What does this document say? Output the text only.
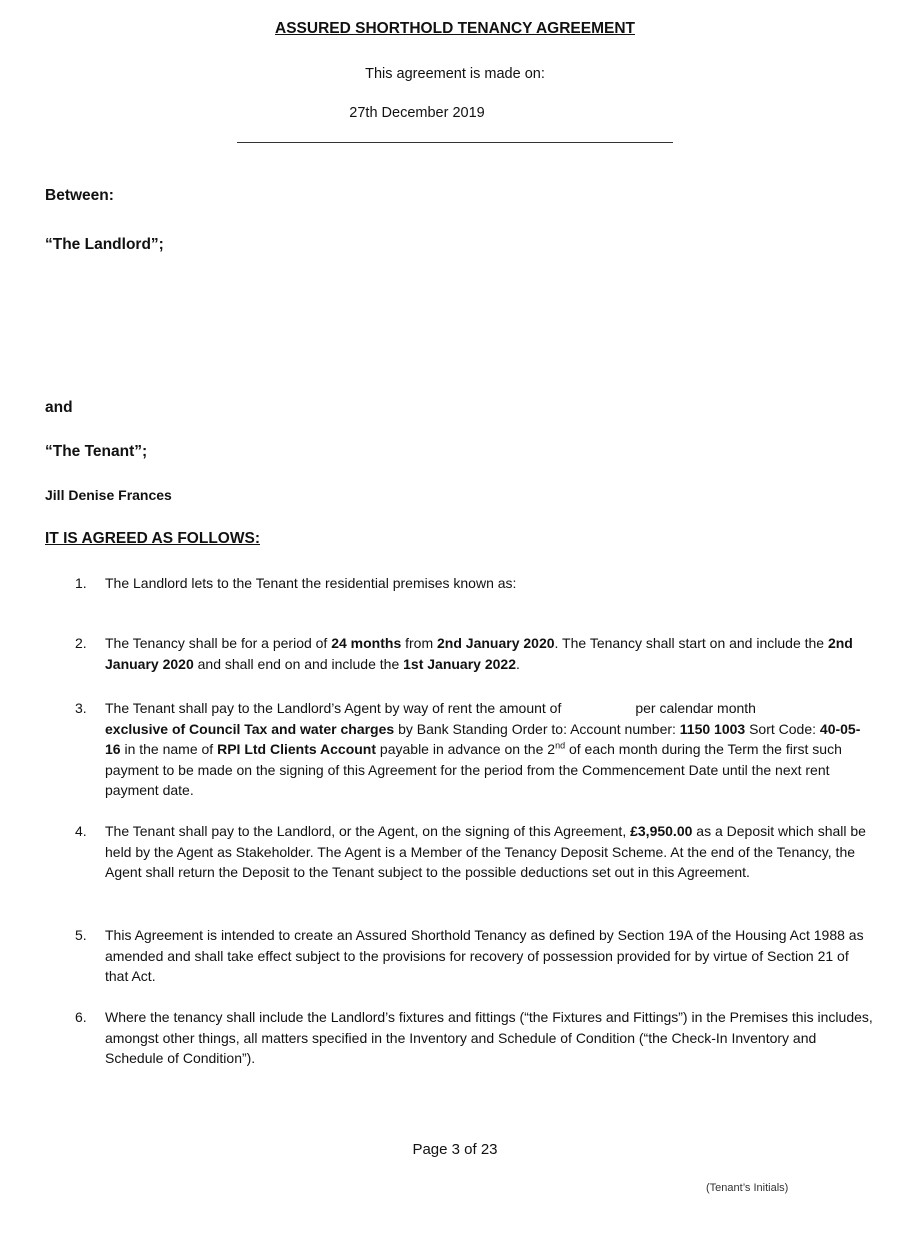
ASSURED SHORTHOLD TENANCY AGREEMENT
This agreement is made on:
27th December 2019
Between:
“The Landlord”;
and
“The Tenant”;
Jill Denise Frances
IT IS AGREED AS FOLLOWS:
1.	The Landlord lets to the Tenant the residential premises known as:
2.	The Tenancy shall be for a period of 24 months from 2nd January 2020. The Tenancy shall start on and include the 2nd January 2020 and shall end on and include the 1st January 2022.
3.	The Tenant shall pay to the Landlord’s Agent by way of rent the amount of	per calendar month
exclusive of Council Tax and water charges by Bank Standing Order to: Account number: 1150 1003 Sort Code: 40-05-16 in the name of RPI Ltd Clients Account payable in advance on the 2nd of each month during the Term the first such payment to be made on the signing of this Agreement for the period from the Commencement Date until the next rent payment date.
4.	The Tenant shall pay to the Landlord, or the Agent, on the signing of this Agreement, £3,950.00 as a Deposit which shall be held by the Agent as Stakeholder. The Agent is a Member of the Tenancy Deposit Scheme. At the end of the Tenancy, the Agent shall return the Deposit to the Tenant subject to the possible deductions set out in this Agreement.
5.	This Agreement is intended to create an Assured Shorthold Tenancy as defined by Section 19A of the Housing Act 1988 as amended and shall take effect subject to the provisions for recovery of possession provided for by virtue of Section 21 of that Act.
6.	Where the tenancy shall include the Landlord’s fixtures and fittings (“the Fixtures and Fittings”) in the Premises this includes, amongst other things, all matters specified in the Inventory and Schedule of Condition (“the Check-In Inventory and Schedule of Condition”).
Page 3 of 23
(Tenant’s Initials)
